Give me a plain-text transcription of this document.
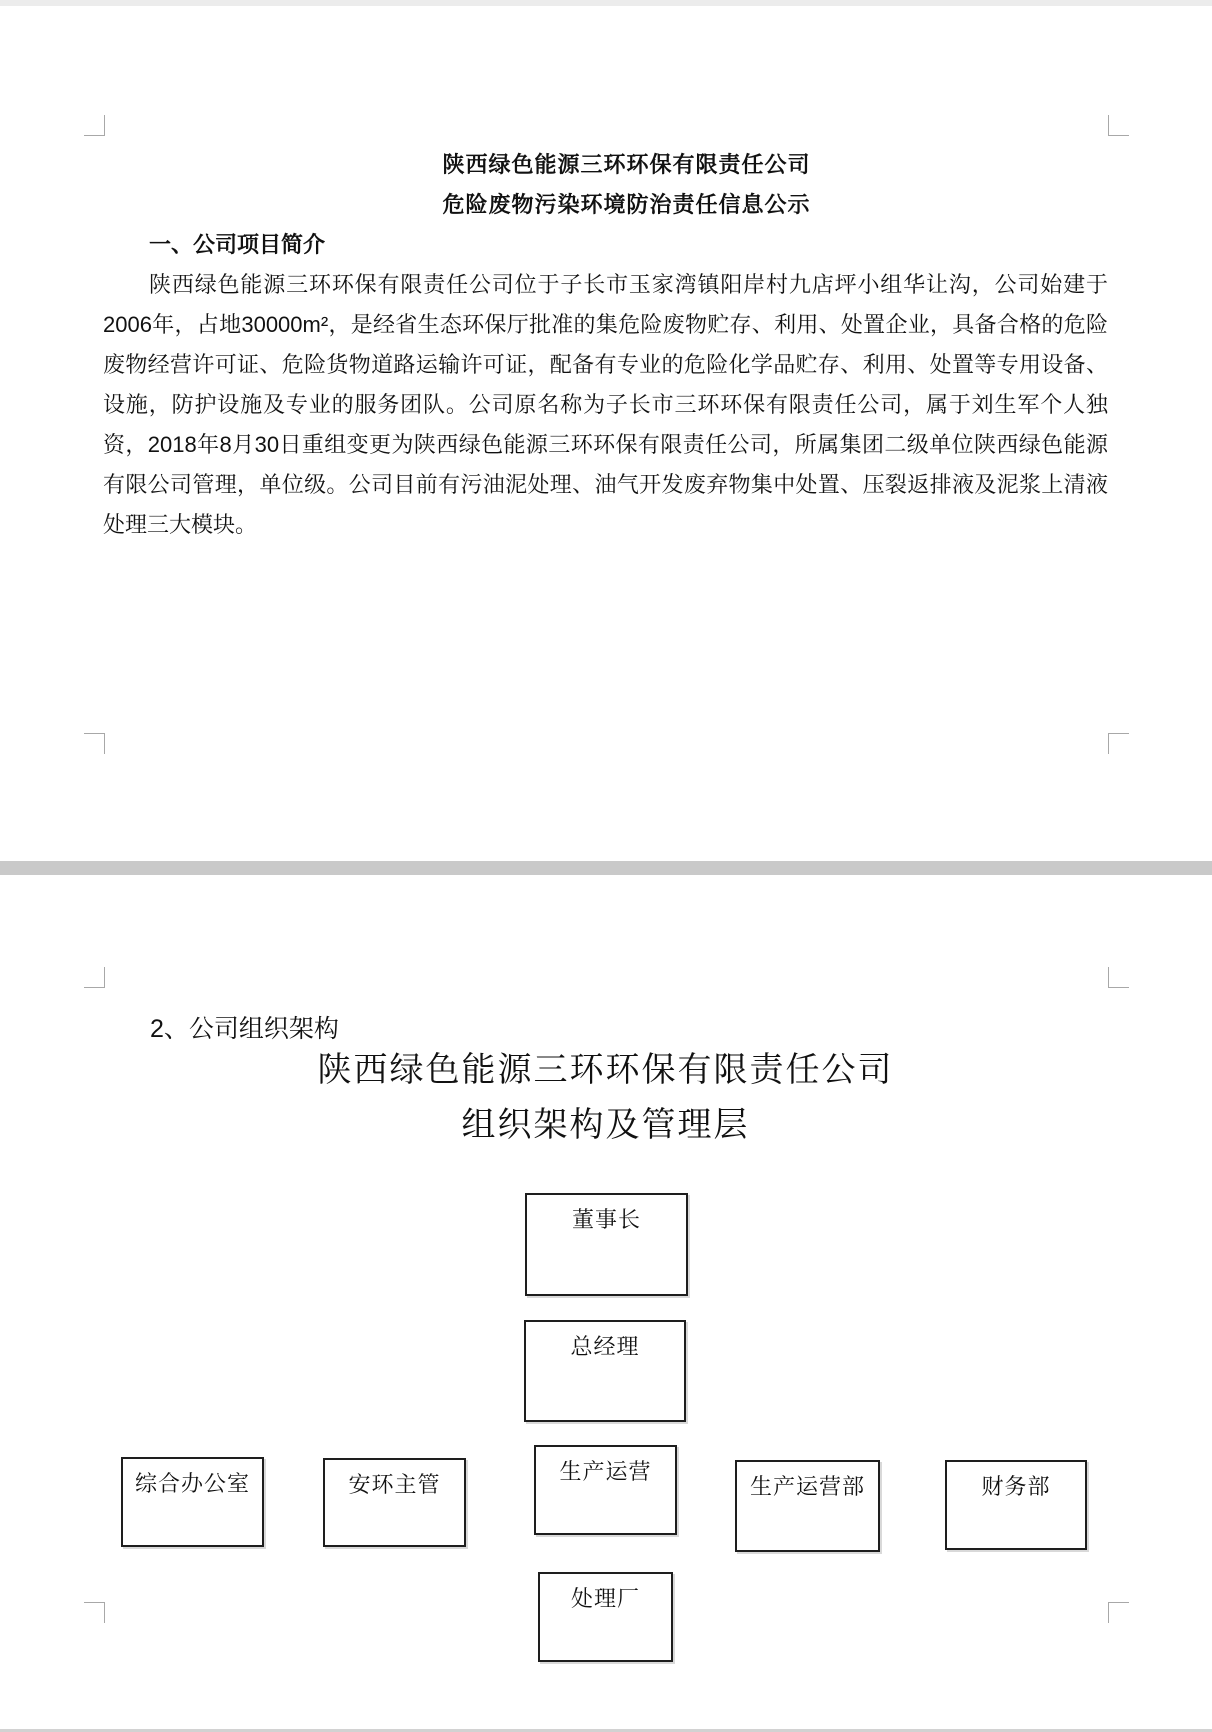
陕西绿色能源三环环保有限责任公司
危险废物污染环境防治责任信息公示
一、公司项目简介
陕西绿色能源三环环保有限责任公司位于子长市玉家湾镇阳岸村九店坪小组华让沟，公司始建于2006年，占地30000m²，是经省生态环保厅批准的集危险废物贮存、利用、处置企业，具备合格的危险废物经营许可证、危险货物道路运输许可证，配备有专业的危险化学品贮存、利用、处置等专用设备、设施，防护设施及专业的服务团队。公司原名称为子长市三环环保有限责任公司，属于刘生军个人独资，2018年8月30日重组变更为陕西绿色能源三环环保有限责任公司，所属集团二级单位陕西绿色能源有限公司管理，单位级。公司目前有污油泥处理、油气开发废弃物集中处置、压裂返排液及泥浆上清液处理三大模块。
2、公司组织架构
陕西绿色能源三环环保有限责任公司
组织架构及管理层
董事长
总经理
生产运营
综合办公室	安环主管	生产运营部	财务部
处理厂
